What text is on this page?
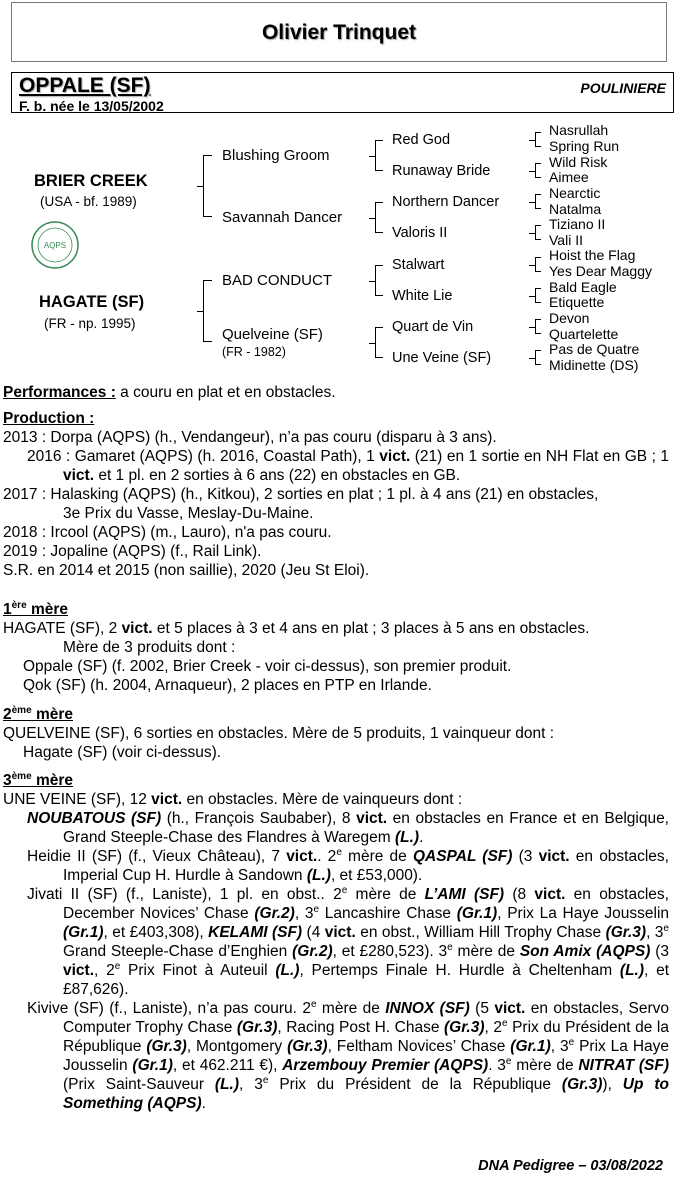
Olivier Trinquet
OPPALE (SF)	POULINIERE
F. b. née le 13/05/2002
BRIER CREEK
(USA - bf. 1989)
HAGATE (SF)
(FR - np. 1995)
AQPS
Blushing Groom
Savannah Dancer
BAD CONDUCT
Quelveine (SF)
(FR - 1982)
Red God
Runaway Bride
Northern Dancer
Valoris II
Stalwart
White Lie
Quart de Vin
Une Veine (SF)
Nasrullah
Spring Run
Wild Risk
Aimee
Nearctic
Natalma
Tiziano II
Vali II
Hoist the Flag
Yes Dear Maggy
Bald Eagle
Etiquette
Devon
Quartelette
Pas de Quatre
Midinette (DS)

Performances : a couru en plat et en obstacles.

Production :

2013 : Dorpa (AQPS) (h., Vendangeur), n’a pas couru (disparu à 3 ans).

2016 : Gamaret (AQPS) (h. 2016, Coastal Path), 1 vict. (21) en 1 sortie en NH Flat en GB ; 1 vict. et 1 pl. en 2 sorties à 6 ans (22) en obstacles en GB.

2017 : Halasking (AQPS) (h., Kitkou), 2 sorties en plat ; 1 pl. à 4 ans (21) en obstacles,

3e Prix du Vasse, Meslay-Du-Maine.

2018 : Ircool (AQPS) (m., Lauro), n'a pas couru.

2019 : Jopaline (AQPS) (f., Rail Link).

S.R. en 2014 et 2015 (non saillie), 2020 (Jeu St Eloi).

1ère mère

HAGATE (SF), 2 vict. et 5 places à 3 et 4 ans en plat ; 3 places à 5 ans en obstacles.

Mère de 3 produits dont :

Oppale (SF) (f. 2002, Brier Creek - voir ci-dessus), son premier produit.

Qok (SF) (h. 2004, Arnaqueur), 2 places en PTP en Irlande.

2ème mère

QUELVEINE (SF), 6 sorties en obstacles. Mère de 5 produits, 1 vainqueur dont :

Hagate (SF) (voir ci-dessus).

3ème mère

UNE VEINE (SF), 12 vict. en obstacles. Mère de vainqueurs dont :

NOUBATOUS (SF) (h., François Saubaber), 8 vict. en obstacles en France et en Belgique, Grand Steeple-Chase des Flandres à Waregem (L.).

Heidie II (SF) (f., Vieux Château), 7 vict.. 2e mère de QASPAL (SF) (3 vict. en obstacles, Imperial Cup H. Hurdle à Sandown (L.), et £53,000).

Jivati II (SF) (f., Laniste), 1 pl. en obst.. 2e mère de L’AMI (SF) (8 vict. en obstacles, December Novices’ Chase (Gr.2), 3e Lancashire Chase (Gr.1), Prix La Haye Jousselin (Gr.1), et £403,308), KELAMI (SF) (4 vict. en obst., William Hill Trophy Chase (Gr.3), 3e Grand Steeple-Chase d’Enghien (Gr.2), et £280,523). 3e mère de Son Amix (AQPS) (3 vict., 2e Prix Finot à Auteuil (L.), Pertemps Finale H. Hurdle à Cheltenham (L.), et £87,626).

Kivive (SF) (f., Laniste), n’a pas couru. 2e mère de INNOX (SF) (5 vict. en obstacles, Servo Computer Trophy Chase (Gr.3), Racing Post H. Chase (Gr.3), 2e Prix du Président de la République (Gr.3), Montgomery (Gr.3), Feltham Novices’ Chase (Gr.1), 3e Prix La Haye Jousselin (Gr.1), et 462.211 €), Arzembouy Premier (AQPS). 3e mère de NITRAT (SF) (Prix Saint-Sauveur (L.), 3e Prix du Président de la République (Gr.3)), Up to Something (AQPS).

DNA Pedigree – 03/08/2022
